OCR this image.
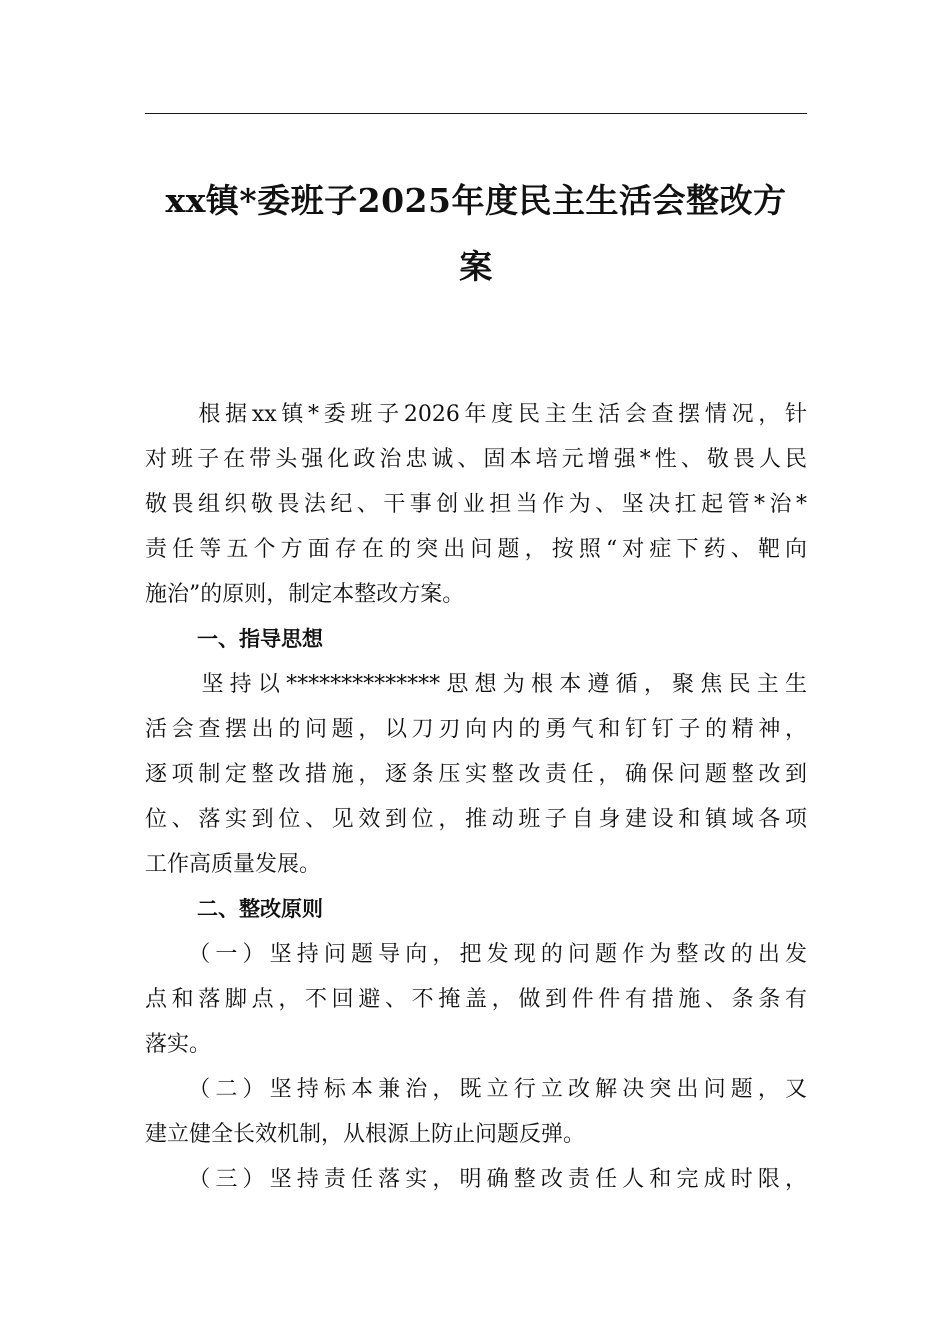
xx镇*委班子2025年度民主生活会整改方
案

　　根据xx镇*委班子2026年度民主生活会查摆情况，针
对班子在带头强化政治忠诚、固本培元增强*性、敬畏人民
敬畏组织敬畏法纪、干事创业担当作为、坚决扛起管*治*
责任等五个方面存在的突出问题，按照“对症下药、靶向
施治”的原则，制定本整改方案。

一、指导思想

　　坚持以**************思想为根本遵循，聚焦民主生
活会查摆出的问题，以刀刃向内的勇气和钉钉子的精神，
逐项制定整改措施，逐条压实整改责任，确保问题整改到
位、落实到位、见效到位，推动班子自身建设和镇域各项
工作高质量发展。

二、整改原则

　　（一）坚持问题导向，把发现的问题作为整改的出发
点和落脚点，不回避、不掩盖，做到件件有措施、条条有
落实。

　　（二）坚持标本兼治，既立行立改解决突出问题，又
建立健全长效机制，从根源上防止问题反弹。

　　（三）坚持责任落实，明确整改责任人和完成时限，
